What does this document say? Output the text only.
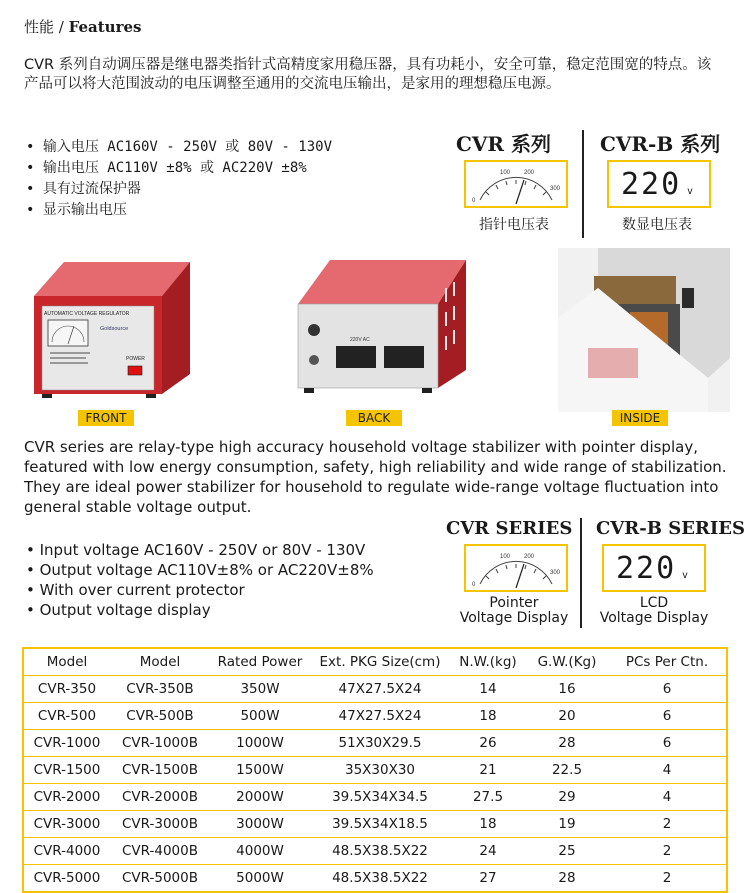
性能 / Features
CVR 系列自动调压器是继电器类指针式高精度家用稳压器，具有功耗小，安全可靠，稳定范围宽的特点。该产品可以将大范围波动的电压调整至通用的交流电压输出，是家用的理想稳压电源。
• 输入电压 AC160V - 250V 或 80V - 130V
• 输出电压 AC110V ±8% 或 AC220V ±8%
• 具有过流保护器
• 显示输出电压
CVR 系列 CVR-B 系列
100 200
0
300 220 v
指针电压表	数显电压表
AUTOMATIC VOLTAGE REGULATOR
Goldsource
POWER
FRONT
220V AC
BACK	INSIDE
CVR series are relay-type high accuracy household voltage stabilizer with pointer display, featured with low energy consumption, safety, high reliability and wide range of stabilization. They are ideal power stabilizer for household to regulate wide-range voltage fluctuation into general stable voltage output.
• Input voltage AC160V - 250V or 80V - 130V
• Output voltage AC110V±8% or AC220V±8%
• With over current protector
• Output voltage display
CVR SERIES CVR-B SERIES
100 200
0
300 220 v
Pointer
Voltage Display
LCD
Voltage Display
Model	Model	Rated Power	Ext. PKG Size(cm)	N.W.(kg)	G.W.(Kg)	PCs Per Ctn.
CVR-350	CVR-350B	350W	47X27.5X24	14	16	6
CVR-500	CVR-500B	500W	47X27.5X24	18	20	6
CVR-1000	CVR-1000B	1000W	51X30X29.5	26	28	6
CVR-1500	CVR-1500B	1500W	35X30X30	21	22.5	4
CVR-2000	CVR-2000B	2000W	39.5X34X34.5	27.5	29	4
CVR-3000	CVR-3000B	3000W	39.5X34X18.5	18	19	2
CVR-4000	CVR-4000B	4000W	48.5X38.5X22	24	25	2
CVR-5000	CVR-5000B	5000W	48.5X38.5X22	27	28	2
